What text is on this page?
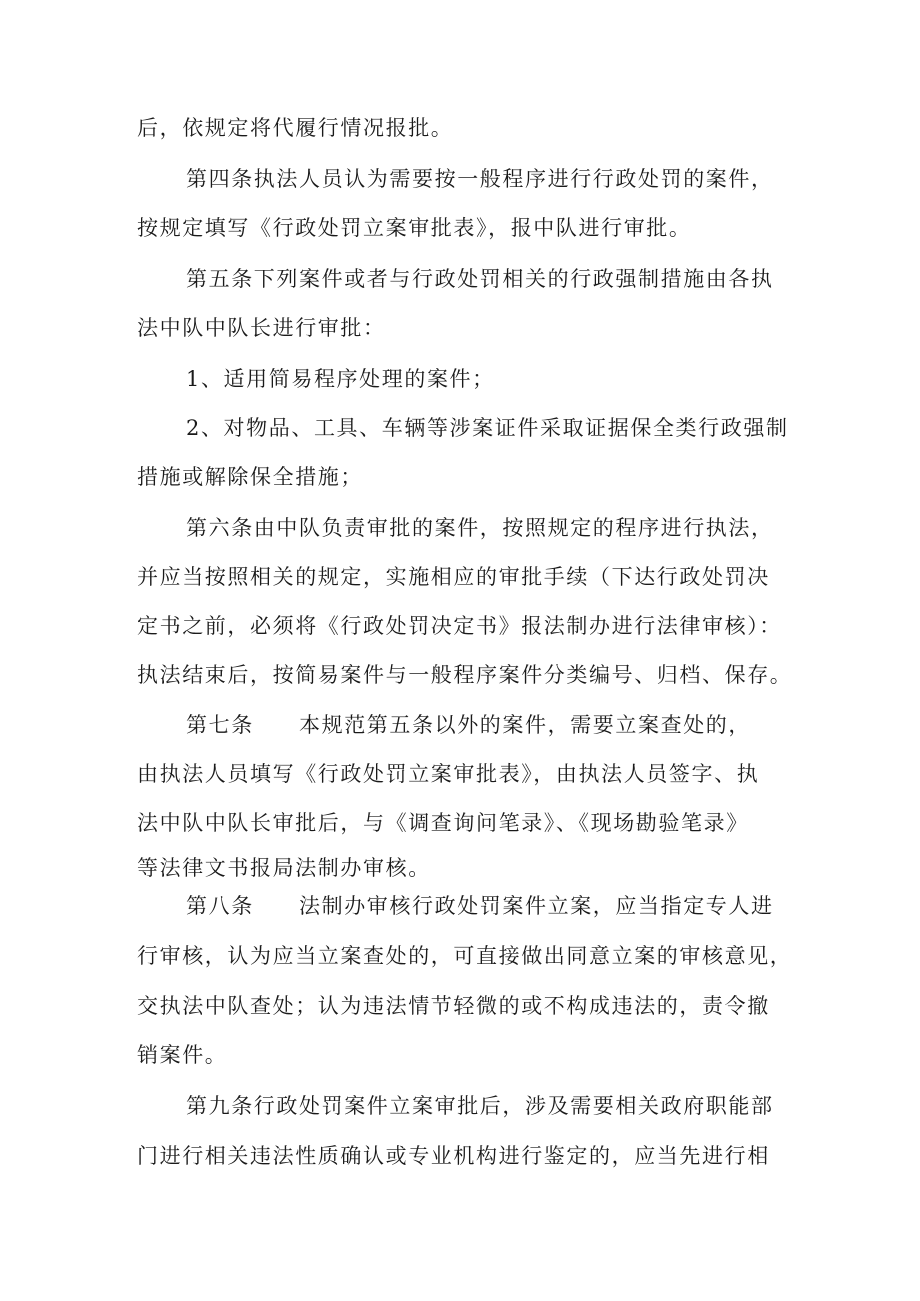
后，依规定将代履行情况报批。
第四条执法人员认为需要按一般程序进行行政处罚的案件，
按规定填写《行政处罚立案审批表》，报中队进行审批。
第五条下列案件或者与行政处罚相关的行政强制措施由各执
法中队中队长进行审批：
1、适用简易程序处理的案件；
2、对物品、工具、车辆等涉案证件采取证据保全类行政强制
措施或解除保全措施；
第六条由中队负责审批的案件，按照规定的程序进行执法，
并应当按照相关的规定，实施相应的审批手续（下达行政处罚决
定书之前，必须将《行政处罚决定书》报法制办进行法律审核）：
执法结束后，按简易案件与一般程序案件分类编号、归档、保存。
第七条　　本规范第五条以外的案件，需要立案查处的，
由执法人员填写《行政处罚立案审批表》，由执法人员签字、执
法中队中队长审批后，与《调查询问笔录》、《现场勘验笔录》
等法律文书报局法制办审核。
第八条　　法制办审核行政处罚案件立案，应当指定专人进
行审核，认为应当立案查处的，可直接做出同意立案的审核意见，
交执法中队查处；认为违法情节轻微的或不构成违法的，责令撤
销案件。
第九条行政处罚案件立案审批后，涉及需要相关政府职能部
门进行相关违法性质确认或专业机构进行鉴定的，应当先进行相
